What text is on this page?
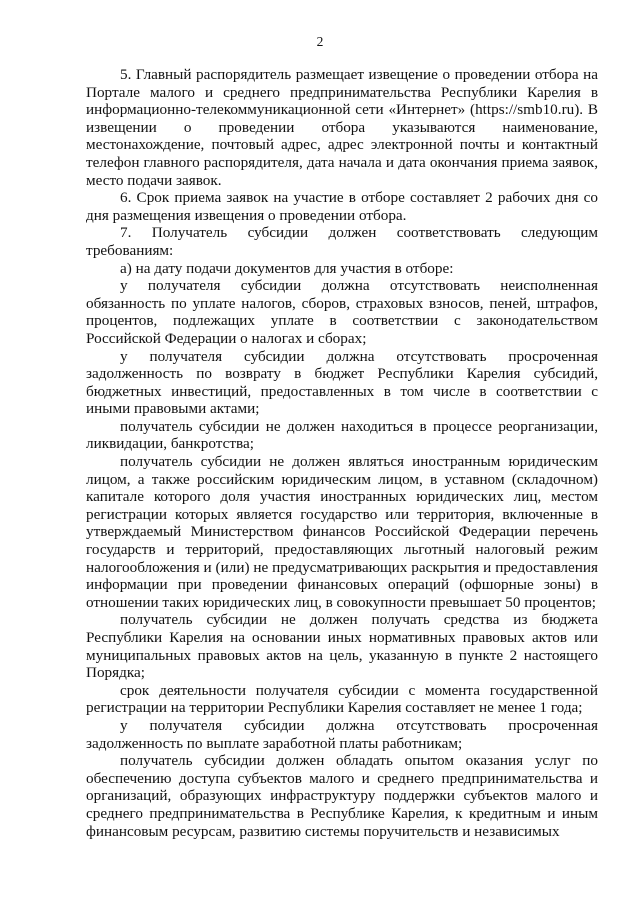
2

5. Главный распорядитель размещает извещение о проведении отбора на Портале малого и среднего предпринимательства Республики Карелия в информационно-телекоммуникационной сети «Интернет» (https://smb10.ru). В извещении о проведении отбора указываются наименование, местонахождение, почтовый адрес, адрес электронной почты и контактный телефон главного распорядителя, дата начала и дата окончания приема заявок, место подачи заявок.

6. Срок приема заявок на участие в отборе составляет 2 рабочих дня со дня размещения извещения о проведении отбора.

7. Получатель субсидии должен соответствовать следующим требованиям:

а) на дату подачи документов для участия в отборе:

у получателя субсидии должна отсутствовать неисполненная обязанность по уплате налогов, сборов, страховых взносов, пеней, штрафов, процентов, подлежащих уплате в соответствии с законодательством Российской Федерации о налогах и сборах;

у получателя субсидии должна отсутствовать просроченная задолженность по возврату в бюджет Республики Карелия субсидий, бюджетных инвестиций, предоставленных в том числе в соответствии с иными правовыми актами;

получатель субсидии не должен находиться в процессе реорганизации, ликвидации, банкротства;

получатель субсидии не должен являться иностранным юридическим лицом, а также российским юридическим лицом, в уставном (складочном) капитале которого доля участия иностранных юридических лиц, местом регистрации которых является государство или территория, включенные в утверждаемый Министерством финансов Российской Федерации перечень государств и территорий, предоставляющих льготный налоговый режим налогообложения и (или) не предусматривающих раскрытия и предоставления информации при проведении финансовых операций (офшорные зоны) в отношении таких юридических лиц, в совокупности превышает 50 процентов;

получатель субсидии не должен получать средства из бюджета Республики Карелия на основании иных нормативных правовых актов или муниципальных правовых актов на цель, указанную в пункте 2 настоящего Порядка;

срок деятельности получателя субсидии с момента государственной регистрации на территории Республики Карелия составляет не менее 1 года;

у получателя субсидии должна отсутствовать просроченная задолженность по выплате заработной платы работникам;

получатель субсидии должен обладать опытом оказания услуг по обеспечению доступа субъектов малого и среднего предпринимательства и организаций, образующих инфраструктуру поддержки субъектов малого и среднего предпринимательства в Республике Карелия, к кредитным и иным финансовым ресурсам, развитию системы поручительств и независимых
